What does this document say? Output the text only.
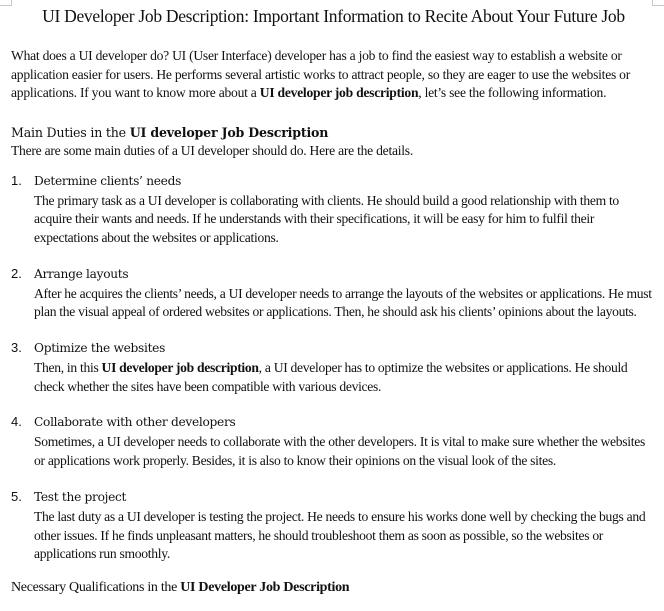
UI Developer Job Description: Important Information to Recite About Your Future Job

What does a UI developer do? UI (User Interface) developer has a job to find the easiest way to establish a website or application easier for users. He performs several artistic works to attract people, so they are eager to use the websites or applications. If you want to know more about a UI developer job description, let’s see the following information.

Main Duties in the UI developer Job Description

There are some main duties of a UI developer should do. Here are the details.

1. Determine clients’ needs

The primary task as a UI developer is collaborating with clients. He should build a good relationship with them to acquire their wants and needs. If he understands with their specifications, it will be easy for him to fulfil their expectations about the websites or applications.

2. Arrange layouts

After he acquires the clients’ needs, a UI developer needs to arrange the layouts of the websites or applications. He must plan the visual appeal of ordered websites or applications. Then, he should ask his clients’ opinions about the layouts.

3. Optimize the websites

Then, in this UI developer job description, a UI developer has to optimize the websites or applications. He should check whether the sites have been compatible with various devices.

4. Collaborate with other developers

Sometimes, a UI developer needs to collaborate with the other developers. It is vital to make sure whether the websites or applications work properly. Besides, it is also to know their opinions on the visual look of the sites.

5. Test the project

The last duty as a UI developer is testing the project. He needs to ensure his works done well by checking the bugs and other issues. If he finds unpleasant matters, he should troubleshoot them as soon as possible, so the websites or applications run smoothly.

Necessary Qualifications in the UI Developer Job Description
